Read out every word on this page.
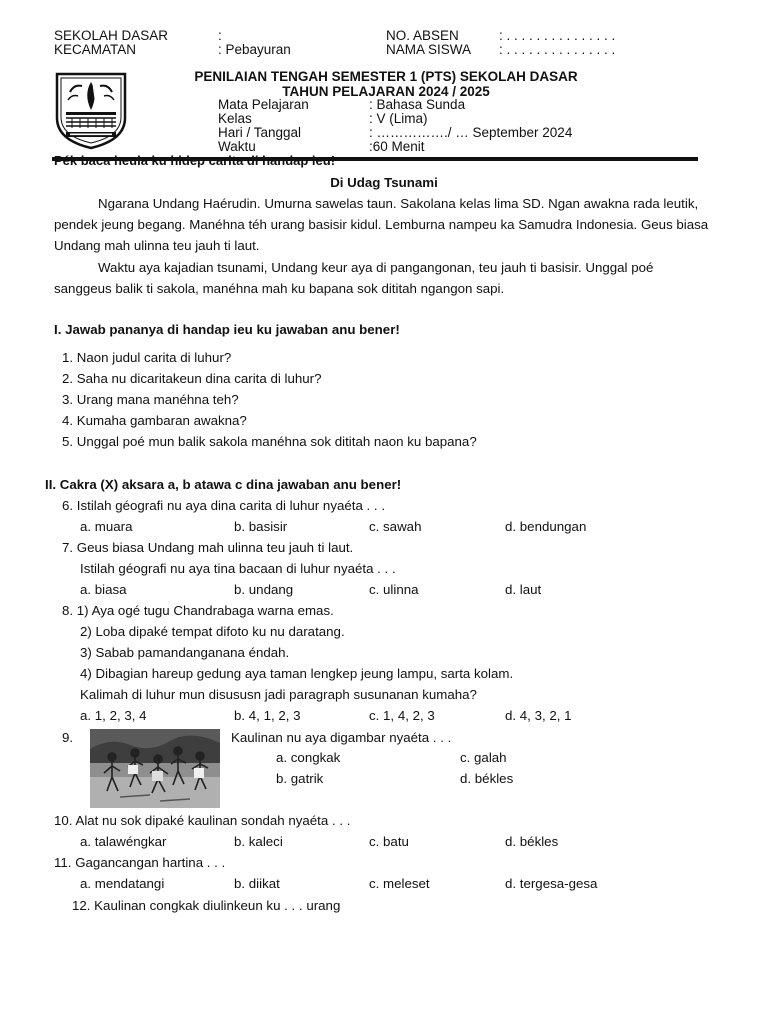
SEKOLAH DASAR	:
KECAMATAN	: Pebayuran
NO. ABSEN	: . . . . . . . . . . . . . . .
NAMA SISWA : . . . . . . . . . . . . . . .
PENILAIAN TENGAH SEMESTER 1 (PTS) SEKOLAH DASAR
TAHUN PELAJARAN 2024 / 2025
Mata Pelajaran	: Bahasa Sunda
Kelas	: V (Lima)
Hari / Tanggal	: ……………./ … September 2024
Waktu	:60 Menit
Di Udag Tsunami

Ngarana Undang Haérudin. Umurna sawelas taun. Sakolana kelas lima SD. Ngan awakna rada leutik, pendek jeung begang. Manéhna téh urang basisir kidul. Lemburna nampeu ka Samudra Indonesia. Geus biasa Undang mah ulinna teu jauh ti laut.

Waktu aya kajadian tsunami, Undang keur aya di pangangonan, teu jauh ti basisir. Unggal poé sanggeus balik ti sakola, manéhna mah ku bapana sok dititah ngangon sapi.

I. Jawab pananya di handap ieu ku jawaban anu bener!
1. Naon judul carita di luhur?
2. Saha nu dicaritakeun dina carita di luhur?
3. Urang mana manéhna teh?
4. Kumaha gambaran awakna?
5. Unggal poé mun balik sakola manéhna sok dititah naon ku bapana?
II. Cakra (X) aksara a, b atawa c dina jawaban anu bener!
6. Istilah géografi nu aya dina carita di luhur nyaéta . . .
a. muara	b. basisir	c. sawah	d. bendungan
7. Geus biasa Undang mah ulinna teu jauh ti laut.
Istilah géografi nu aya tina bacaan di luhur nyaéta . . .
a. biasa	b. undang	c. ulinna	d. laut
8. 1) Aya ogé tugu Chandrabaga warna emas.
2) Loba dipaké tempat difoto ku nu daratang.
3) Sabab pamandanganana éndah.
4) Dibagian hareup gedung aya taman lengkep jeung lampu, sarta kolam.
Kalimah di luhur mun disususn jadi paragraph susunanan kumaha?
a. 1, 2, 3, 4	b. 4, 1, 2, 3	c. 1, 4, 2, 3	d. 4, 3, 2, 1
9.	Kaulinan nu aya digambar nyaéta . . .
a. congkak	c. galah
b. gatrik	d. békles
10. Alat nu sok dipaké kaulinan sondah nyaéta . . .
a. talawéngkar	b. kaleci	c. batu	d. békles
11. Gagancangan hartina . . .
a. mendatangi	b. diikat	c. meleset	d. tergesa-gesa
12. Kaulinan congkak diulinkeun ku . . . urang
